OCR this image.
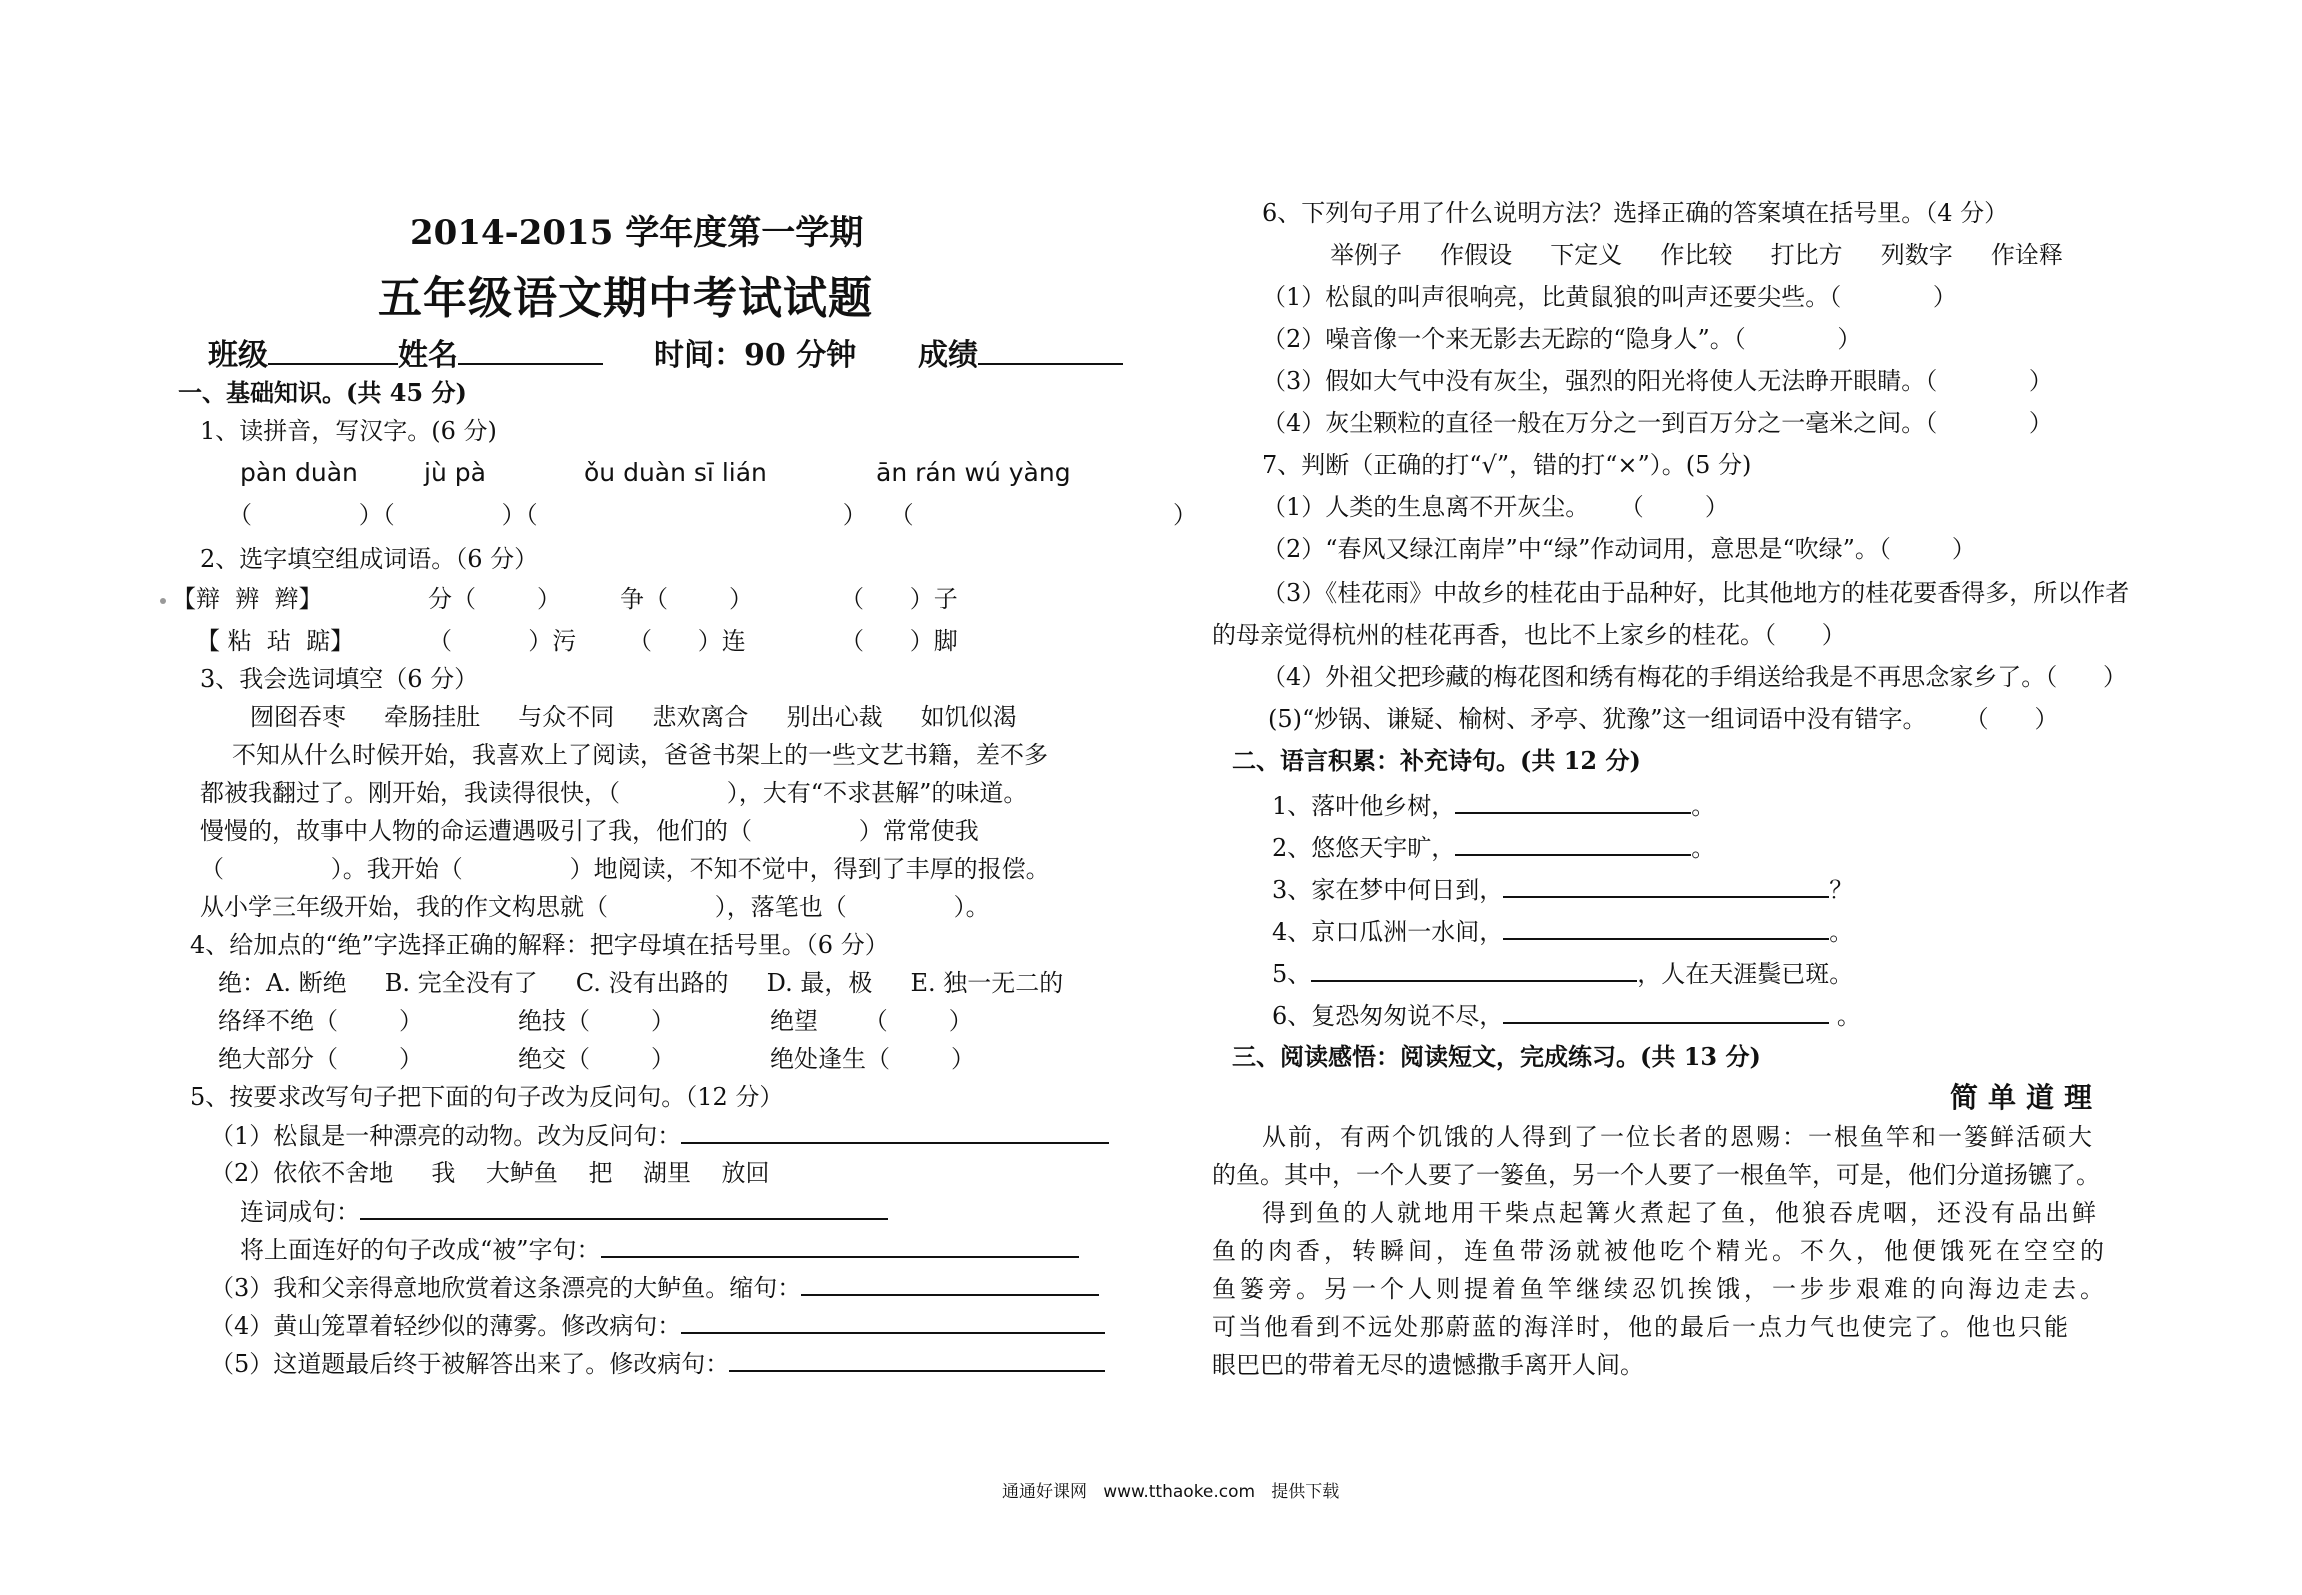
2014-2015 学年度第一学期
五年级语文期中考试试题
班级	姓名	时间：90 分钟 成绩
一、基础知识。(共 45 分)
1、读拼音，写汉字。(6 分)
pàn duàn	jù pà	ǒu duàn sī lián	ān rán wú yàng
（              ）（              ）（                                        ）   （                                  ）
2、选字填空组成词语。（6 分）
【辩  辨  辫】	分（        ） 争（        ）	（      ）子
【 粘  玷  踮】	（          ）污 （      ）连	（      ）脚
3、我会选词填空（6 分）
囫囵吞枣     牵肠挂肚     与众不同     悲欢离合     别出心裁     如饥似渴
不知从什么时候开始，我喜欢上了阅读，爸爸书架上的一些文艺书籍，差不多
都被我翻过了。刚开始，我读得很快，（              ），大有“不求甚解”的味道。
慢慢的，故事中人物的命运遭遇吸引了我，他们的（              ）常常使我
（              ）。我开始（              ）地阅读，不知不觉中，得到了丰厚的报偿。
从小学三年级开始，我的作文构思就（              ），落笔也（              ）。
4、给加点的“绝”字选择正确的解释：把字母填在括号里。（6 分）
绝：A. 断绝     B. 完全没有了     C. 没有出路的     D. 最，极     E. 独一无二的
络绎不绝（        ）	绝技（        ）	绝望      （        ）
绝大部分（        ）	绝交（        ）	绝处逢生（        ）
5、按要求改写句子把下面的句子改为反问句。（12 分）
（1）松鼠是一种漂亮的动物。改为反问句：
（2）依依不舍地     我    大鲈鱼    把    湖里    放回
连词成句：
将上面连好的句子改成“被”字句：
（3）我和父亲得意地欣赏着这条漂亮的大鲈鱼。缩句：
（4）黄山笼罩着轻纱似的薄雾。修改病句：
（5）这道题最后终于被解答出来了。修改病句：
6、下列句子用了什么说明方法？选择正确的答案填在括号里。（4 分）
举例子     作假设     下定义     作比较     打比方     列数字     作诠释
（1）松鼠的叫声很响亮，比黄鼠狼的叫声还要尖些。（            ）
（2）噪音像一个来无影去无踪的“隐身人”。（            ）
（3）假如大气中没有灰尘，强烈的阳光将使人无法睁开眼睛。（            ）
（4）灰尘颗粒的直径一般在万分之一到百万分之一毫米之间。（            ）
7、判断（正确的打“√”，错的打“×”）。(5 分)
（1）人类的生息离不开灰尘。    （        ）
（2）“春风又绿江南岸”中“绿”作动词用，意思是“吹绿”。（        ）
（3）《桂花雨》中故乡的桂花由于品种好，比其他地方的桂花要香得多，所以作者
的母亲觉得杭州的桂花再香，也比不上家乡的桂花。（      ）
（4）外祖父把珍藏的梅花图和绣有梅花的手绢送给我是不再思念家乡了。（      ）
(5)“炒锅、谦疑、榆树、矛亭、犹豫”这一组词语中没有错字。     （      ）
二、语言积累：补充诗句。(共 12 分)
1、落叶他乡树，	。
2、悠悠天宇旷，	。
3、家在梦中何日到，	？
4、京口瓜洲一水间，	。
5、	，人在天涯鬓已斑。
6、复恐匆匆说不尽，	。
三、阅读感悟：阅读短文，完成练习。(共 13 分)
简单道理
从前，有两个饥饿的人得到了一位长者的恩赐：一根鱼竿和一篓鲜活硕大
的鱼。其中，一个人要了一篓鱼，另一个人要了一根鱼竿，可是，他们分道扬镳了。
得到鱼的人就地用干柴点起篝火煮起了鱼，他狼吞虎咽，还没有品出鲜
鱼的肉香，转瞬间，连鱼带汤就被他吃个精光。不久，他便饿死在空空的
鱼篓旁。另一个人则提着鱼竿继续忍饥挨饿，一步步艰难的向海边走去。
可当他看到不远处那蔚蓝的海洋时，他的最后一点力气也使完了。他也只能
眼巴巴的带着无尽的遗憾撒手离开人间。
通通好课网   www.tthaoke.com   提供下载
